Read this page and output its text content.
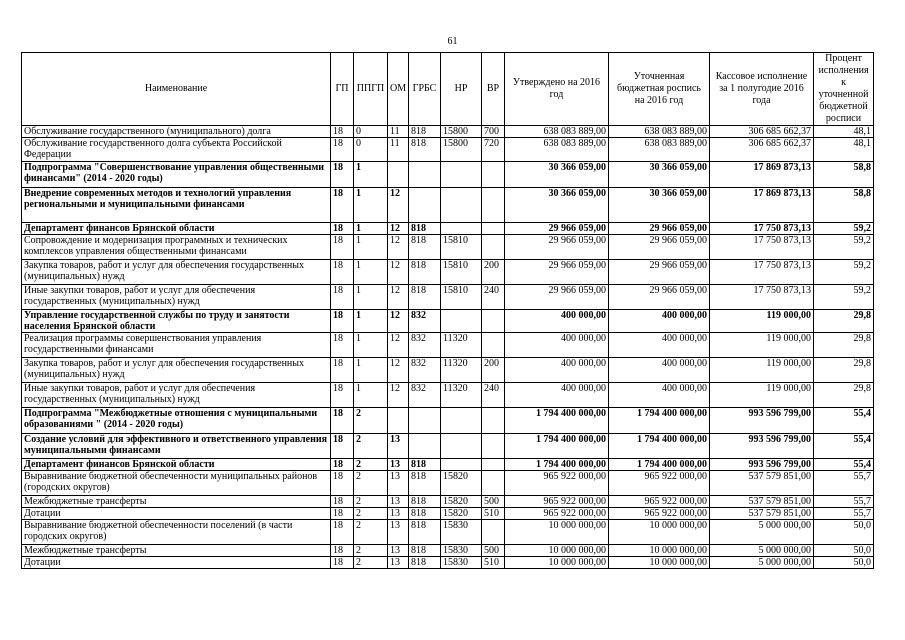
61
Наименование	ГП	ППГП	ОМ	ГРБС	НР	ВР	Утверждено на 2016 год	Уточненная бюджетная роспись на 2016 год	Кассовое исполнение за 1 полугодие 2016 года	Процент исполнения к уточненной бюджетной росписи
Обслуживание государственного (муниципального) долга	18	0	11	818	15800	700	638 083 889,00	638 083 889,00	306 685 662,37	48,1
Обслуживание государственного долга субъекта Российской Федерации	18	0	11	818	15800	720	638 083 889,00	638 083 889,00	306 685 662,37	48,1
Подпрограмма "Совершенствование управления общественными финансами" (2014 - 2020 годы)	18	1					30 366 059,00	30 366 059,00	17 869 873,13	58,8
Внедрение современных методов и технологий управления региональными и муниципальными финансами	18	1	12				30 366 059,00	30 366 059,00	17 869 873,13	58,8
Департамент финансов Брянской области	18	1	12	818			29 966 059,00	29 966 059,00	17 750 873,13	59,2
Сопровождение и модернизация программных и технических комплексов управления общественными финансами	18	1	12	818	15810		29 966 059,00	29 966 059,00	17 750 873,13	59,2
Закупка товаров, работ и услуг для обеспечения государственных (муниципальных) нужд	18	1	12	818	15810	200	29 966 059,00	29 966 059,00	17 750 873,13	59,2
Иные закупки товаров, работ и услуг для обеспечения государственных (муниципальных) нужд	18	1	12	818	15810	240	29 966 059,00	29 966 059,00	17 750 873,13	59,2
Управление государственной службы по труду и занятости населения Брянской области	18	1	12	832			400 000,00	400 000,00	119 000,00	29,8
Реализация программы совершенствования управления государственными финансами	18	1	12	832	11320		400 000,00	400 000,00	119 000,00	29,8
Закупка товаров, работ и услуг для обеспечения государственных (муниципальных) нужд	18	1	12	832	11320	200	400 000,00	400 000,00	119 000,00	29,8
Иные закупки товаров, работ и услуг для обеспечения государственных (муниципальных) нужд	18	1	12	832	11320	240	400 000,00	400 000,00	119 000,00	29,8
Подпрограмма "Межбюджетные отношения с муниципальными образованиями " (2014 - 2020 годы)	18	2					1 794 400 000,00	1 794 400 000,00	993 596 799,00	55,4
Создание условий для эффективного и ответственного управления муниципальными финансами	18	2	13				1 794 400 000,00	1 794 400 000,00	993 596 799,00	55,4
Департамент финансов Брянской области	18	2	13	818			1 794 400 000,00	1 794 400 000,00	993 596 799,00	55,4
Выравнивание бюджетной обеспеченности муниципальных районов (городских округов)	18	2	13	818	15820		965 922 000,00	965 922 000,00	537 579 851,00	55,7
Межбюджетные трансферты	18	2	13	818	15820	500	965 922 000,00	965 922 000,00	537 579 851,00	55,7
Дотации	18	2	13	818	15820	510	965 922 000,00	965 922 000,00	537 579 851,00	55,7
Выравнивание бюджетной обеспеченности поселений (в части городских округов)	18	2	13	818	15830		10 000 000,00	10 000 000,00	5 000 000,00	50,0
Межбюджетные трансферты	18	2	13	818	15830	500	10 000 000,00	10 000 000,00	5 000 000,00	50,0
Дотации	18	2	13	818	15830	510	10 000 000,00	10 000 000,00	5 000 000,00	50,0
